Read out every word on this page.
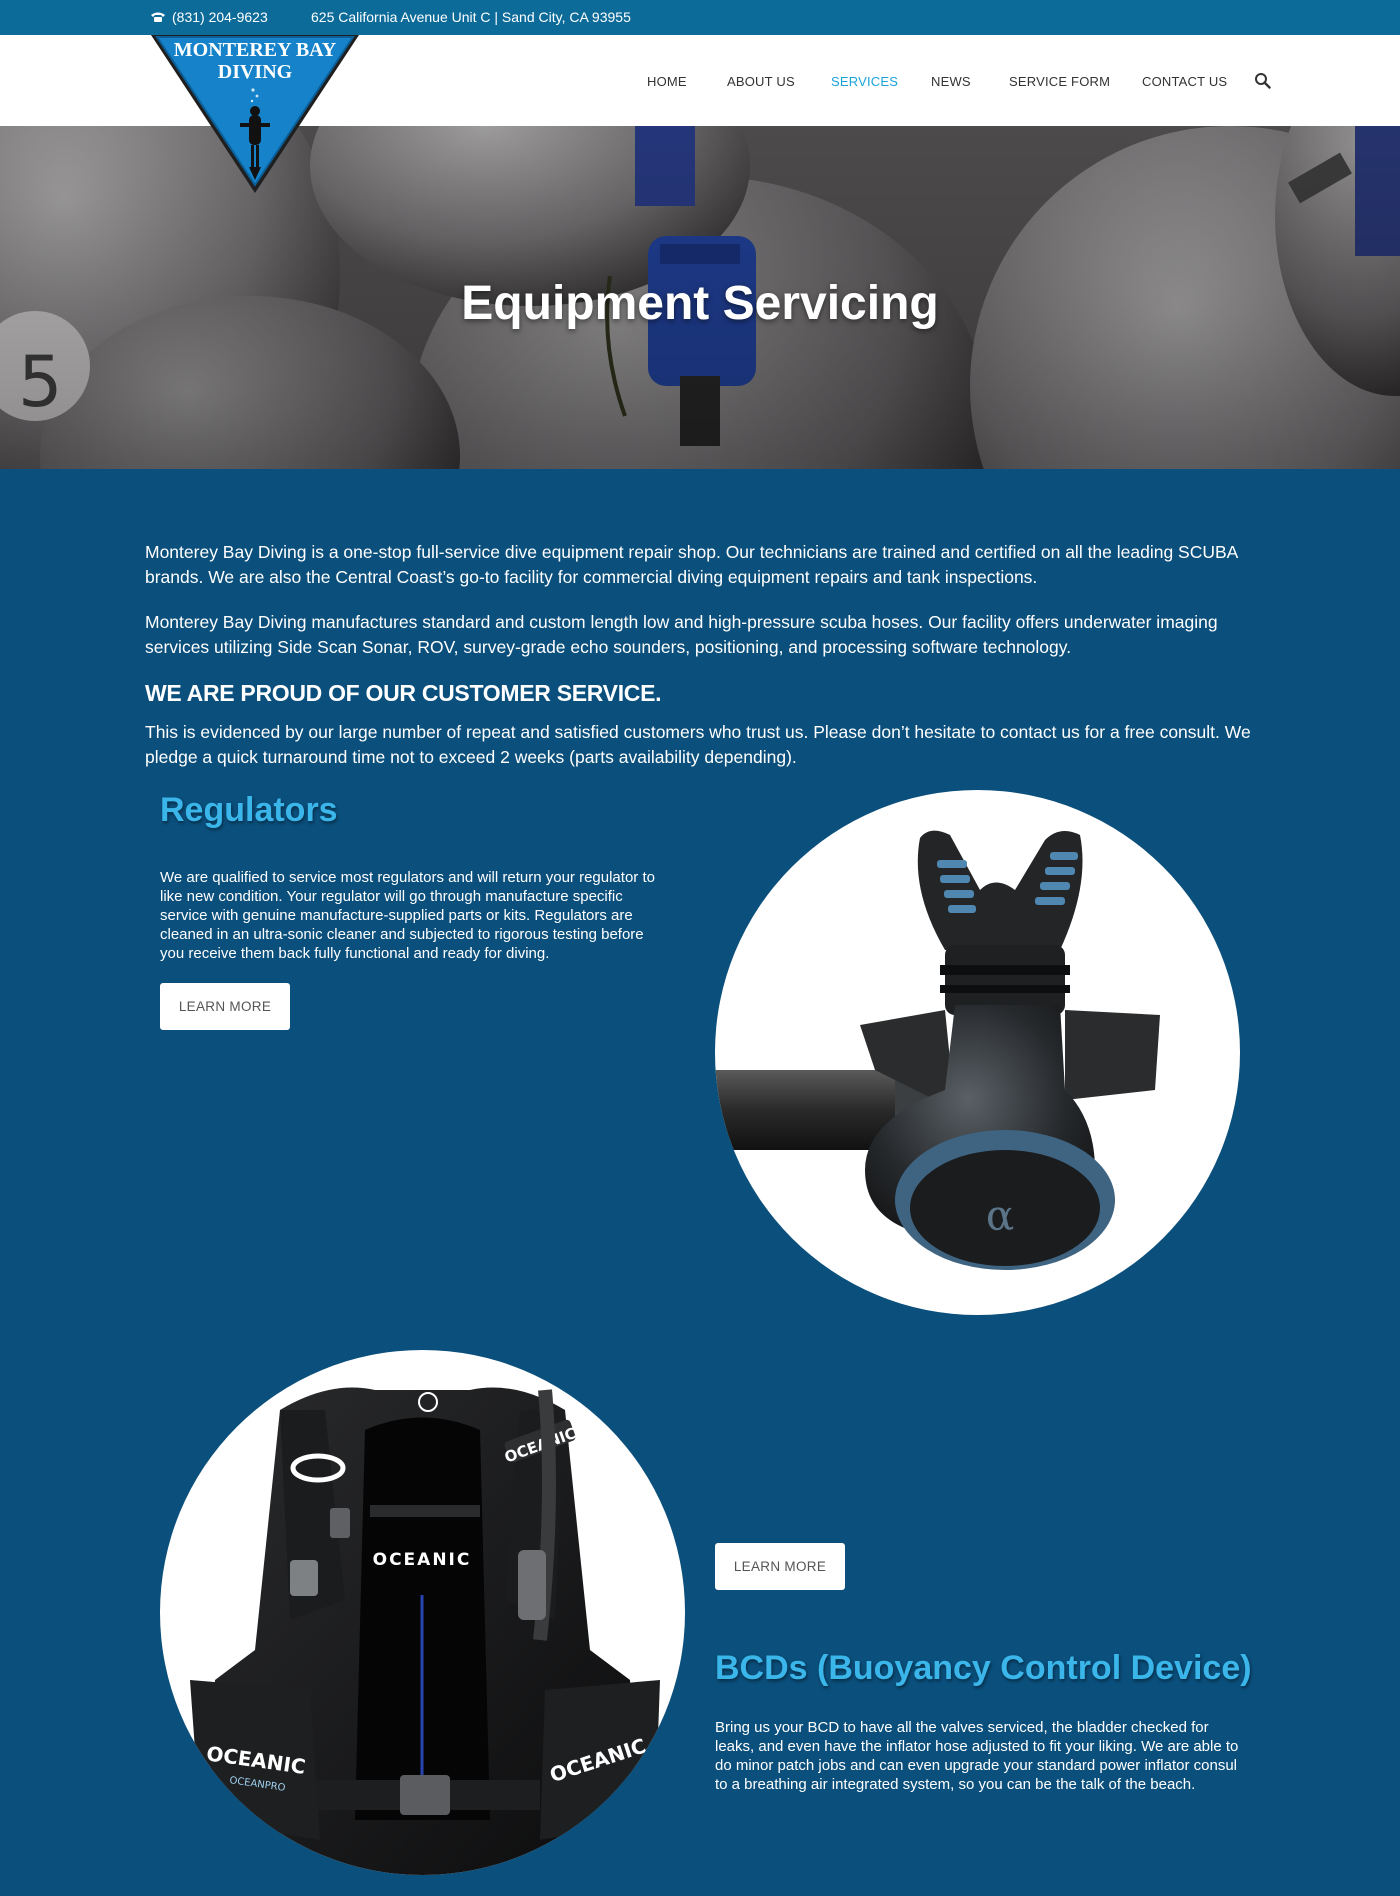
(831) 204-9623	625 California Avenue Unit C | Sand City, CA 93955
MONTEREY BAY
DIVING	HOME	ABOUT US	SERVICES	NEWS	SERVICE FORM CONTACT US
Equipment Servicing

Monterey Bay Diving is a one-stop full-service dive equipment repair shop. Our technicians are trained and certified on all the leading SCUBA brands. We are also the Central Coast’s go-to facility for commercial diving equipment repairs and tank inspections.

Monterey Bay Diving manufactures standard and custom length low and high-pressure scuba hoses. Our facility offers underwater imaging services utilizing Side Scan Sonar, ROV, survey-grade echo sounders, positioning, and processing software technology.

WE ARE PROUD OF OUR CUSTOMER SERVICE.

This is evidenced by our large number of repeat and satisfied customers who trust us. Please don’t hesitate to contact us for a free consult. We pledge a quick turnaround time not to exceed 2 weeks (parts availability depending).

Regulators
We are qualified to service most regulators and will return your regulator to like new condition. Your regulator will go through manufacture specific service with genuine manufacture-supplied parts or kits. Regulators are cleaned in an ultra-sonic cleaner and subjected to rigorous testing before you receive them back fully functional and ready for diving.
LEARN MORE
α
BCDs (Buoyancy Control Device)
Bring us your BCD to have all the valves serviced, the bladder checked for leaks, and even have the inflator hose adjusted to fit your liking. We are able to do minor patch jobs and can even upgrade your standard power inflator consul to a breathing air integrated system, so you can be the talk of the beach.
LEARN MORE
OCEANIC
OCEANIC
OCEANIC
OCEANPRO	OCEANIC
